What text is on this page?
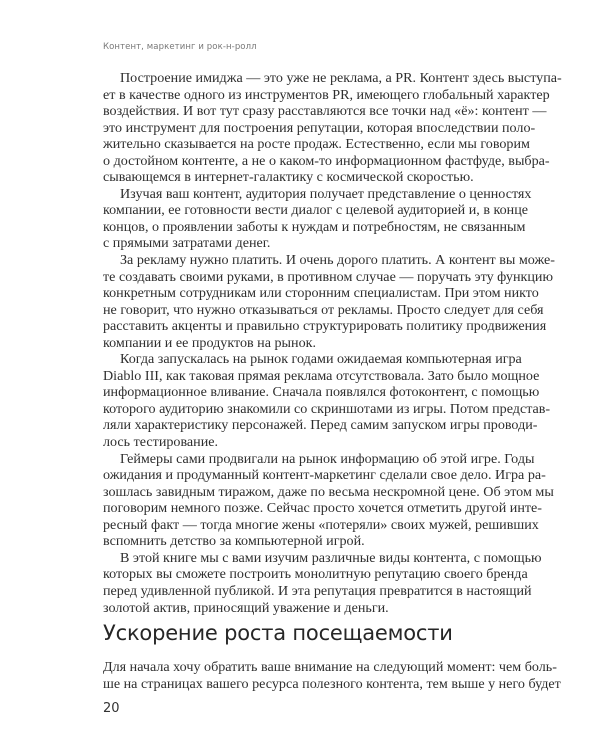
Контент, маркетинг и рок-н-ролл
Построение имиджа — это уже не реклама, а PR. Контент здесь выступа-
ет в качестве одного из инструментов PR, имеющего глобальный характер
воздействия. И вот тут сразу расставляются все точки над «ё»: контент —
это инструмент для построения репутации, которая впоследствии поло-
жительно сказывается на росте продаж. Естественно, если мы говорим
о достойном контенте, а не о каком-то информационном фастфуде, выбра-
сывающемся в интернет-галактику с космической скоростью.
Изучая ваш контент, аудитория получает представление о ценностях
компании, ее готовности вести диалог с целевой аудиторией и, в конце
концов, о проявлении заботы к нуждам и потребностям, не связанным
с прямыми затратами денег.
За рекламу нужно платить. И очень дорого платить. А контент вы може-
те создавать своими руками, в противном случае — поручать эту функцию
конкретным сотрудникам или сторонним специалистам. При этом никто
не говорит, что нужно отказываться от рекламы. Просто следует для себя
расставить акценты и правильно структурировать политику продвижения
компании и ее продуктов на рынок.
Когда запускалась на рынок годами ожидаемая компьютерная игра
Diablo III, как таковая прямая реклама отсутствовала. Зато было мощное
информационное вливание. Сначала появлялся фотоконтент, с помощью
которого аудиторию знакомили со скриншотами из игры. Потом представ-
ляли характеристику персонажей. Перед самим запуском игры проводи-
лось тестирование.
Геймеры сами продвигали на рынок информацию об этой игре. Годы
ожидания и продуманный контент-маркетинг сделали свое дело. Игра ра-
зошлась завидным тиражом, даже по весьма нескромной цене. Об этом мы
поговорим немного позже. Сейчас просто хочется отметить другой инте-
ресный факт — тогда многие жены «потеряли» своих мужей, решивших
вспомнить детство за компьютерной игрой.
В этой книге мы с вами изучим различные виды контента, с помощью
которых вы сможете построить монолитную репутацию своего бренда
перед удивленной публикой. И эта репутация превратится в настоящий
золотой актив, приносящий уважение и деньги.
Ускорение роста посещаемости
Для начала хочу обратить ваше внимание на следующий момент: чем боль-
ше на страницах вашего ресурса полезного контента, тем выше у него будет
20
